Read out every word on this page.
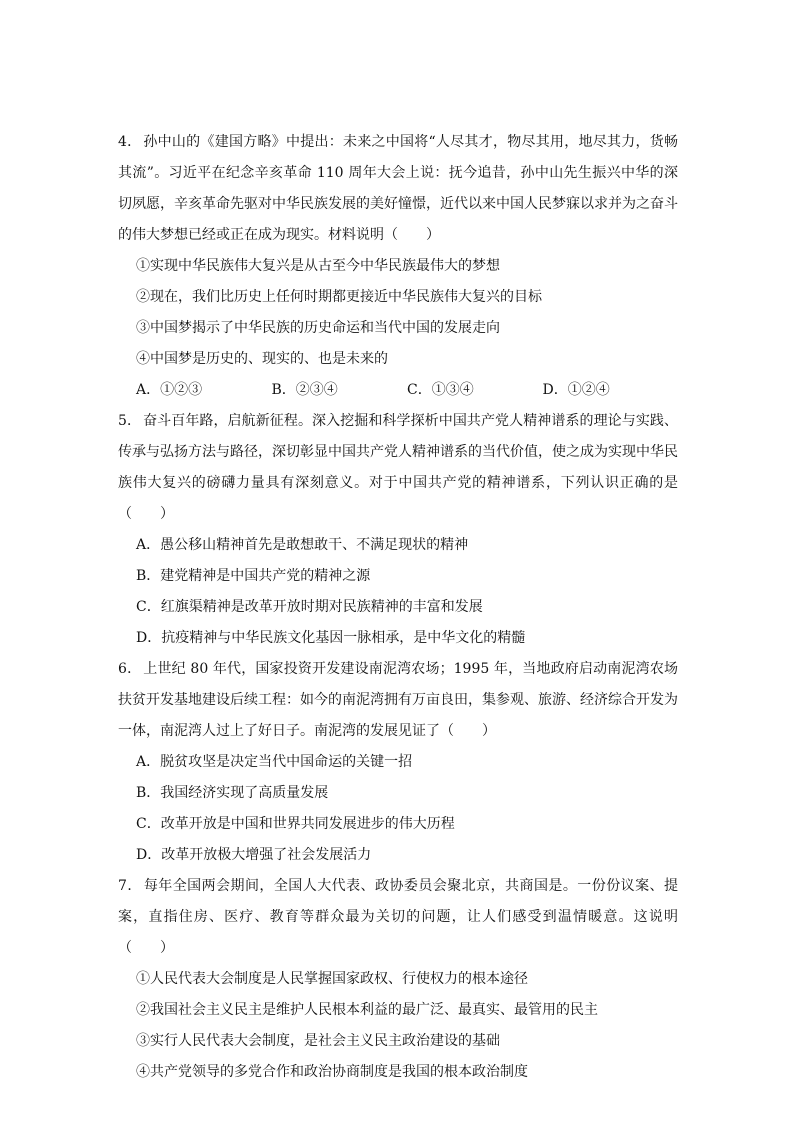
4． 孙中山的《建国方略》中提出：未来之中国将“人尽其才，物尽其用，地尽其力，货畅其流”。习近平在纪念辛亥革命 110 周年大会上说：抚今追昔，孙中山先生振兴中华的深切夙愿，辛亥革命先驱对中华民族发展的美好憧憬，近代以来中国人民梦寐以求并为之奋斗的伟大梦想已经或正在成为现实。材料说明（　　）
①实现中华民族伟大复兴是从古至今中华民族最伟大的梦想
②现在，我们比历史上任何时期都更接近中华民族伟大复兴的目标
③中国梦揭示了中华民族的历史命运和当代中国的发展走向
④中国梦是历史的、现实的、也是未来的
A．①②③	B．②③④	C．①③④	D．①②④
5． 奋斗百年路，启航新征程。深入挖掘和科学探析中国共产党人精神谱系的理论与实践、传承与弘扬方法与路径，深切彰显中国共产党人精神谱系的当代价值，使之成为实现中华民族伟大复兴的磅礴力量具有深刻意义。对于中国共产党的精神谱系，下列认识正确的是（　　）
A．愚公移山精神首先是敢想敢干、不满足现状的精神
B．建党精神是中国共产党的精神之源
C．红旗渠精神是改革开放时期对民族精神的丰富和发展
D．抗疫精神与中华民族文化基因一脉相承，是中华文化的精髓
6． 上世纪 80 年代，国家投资开发建设南泥湾农场；1995 年，当地政府启动南泥湾农场扶贫开发基地建设后续工程：如今的南泥湾拥有万亩良田，集参观、旅游、经济综合开发为一体，南泥湾人过上了好日子。南泥湾的发展见证了（　　）
A．脱贫攻坚是决定当代中国命运的关键一招
B．我国经济实现了高质量发展
C．改革开放是中国和世界共同发展进步的伟大历程
D．改革开放极大增强了社会发展活力
7． 每年全国两会期间，全国人大代表、政协委员会聚北京，共商国是。一份份议案、提案，直指住房、医疗、教育等群众最为关切的问题，让人们感受到温情暖意。这说明（　　）
①人民代表大会制度是人民掌握国家政权、行使权力的根本途径
②我国社会主义民主是维护人民根本利益的最广泛、最真实、最管用的民主
③实行人民代表大会制度，是社会主义民主政治建设的基础
④共产党领导的多党合作和政治协商制度是我国的根本政治制度
